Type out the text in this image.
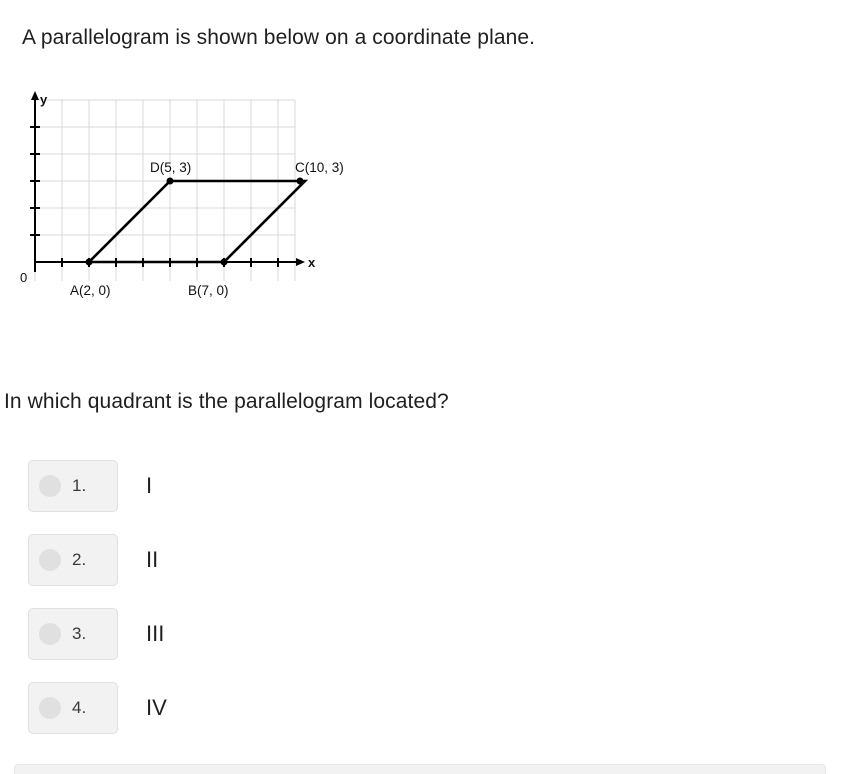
A parallelogram is shown below on a coordinate plane.
0
x
y
A(2, 0)	B(7, 0)
C(10, 3)
D(5, 3)
In which quadrant is the parallelogram located?
1.	I
2.	II
3.	III
4.	IV
